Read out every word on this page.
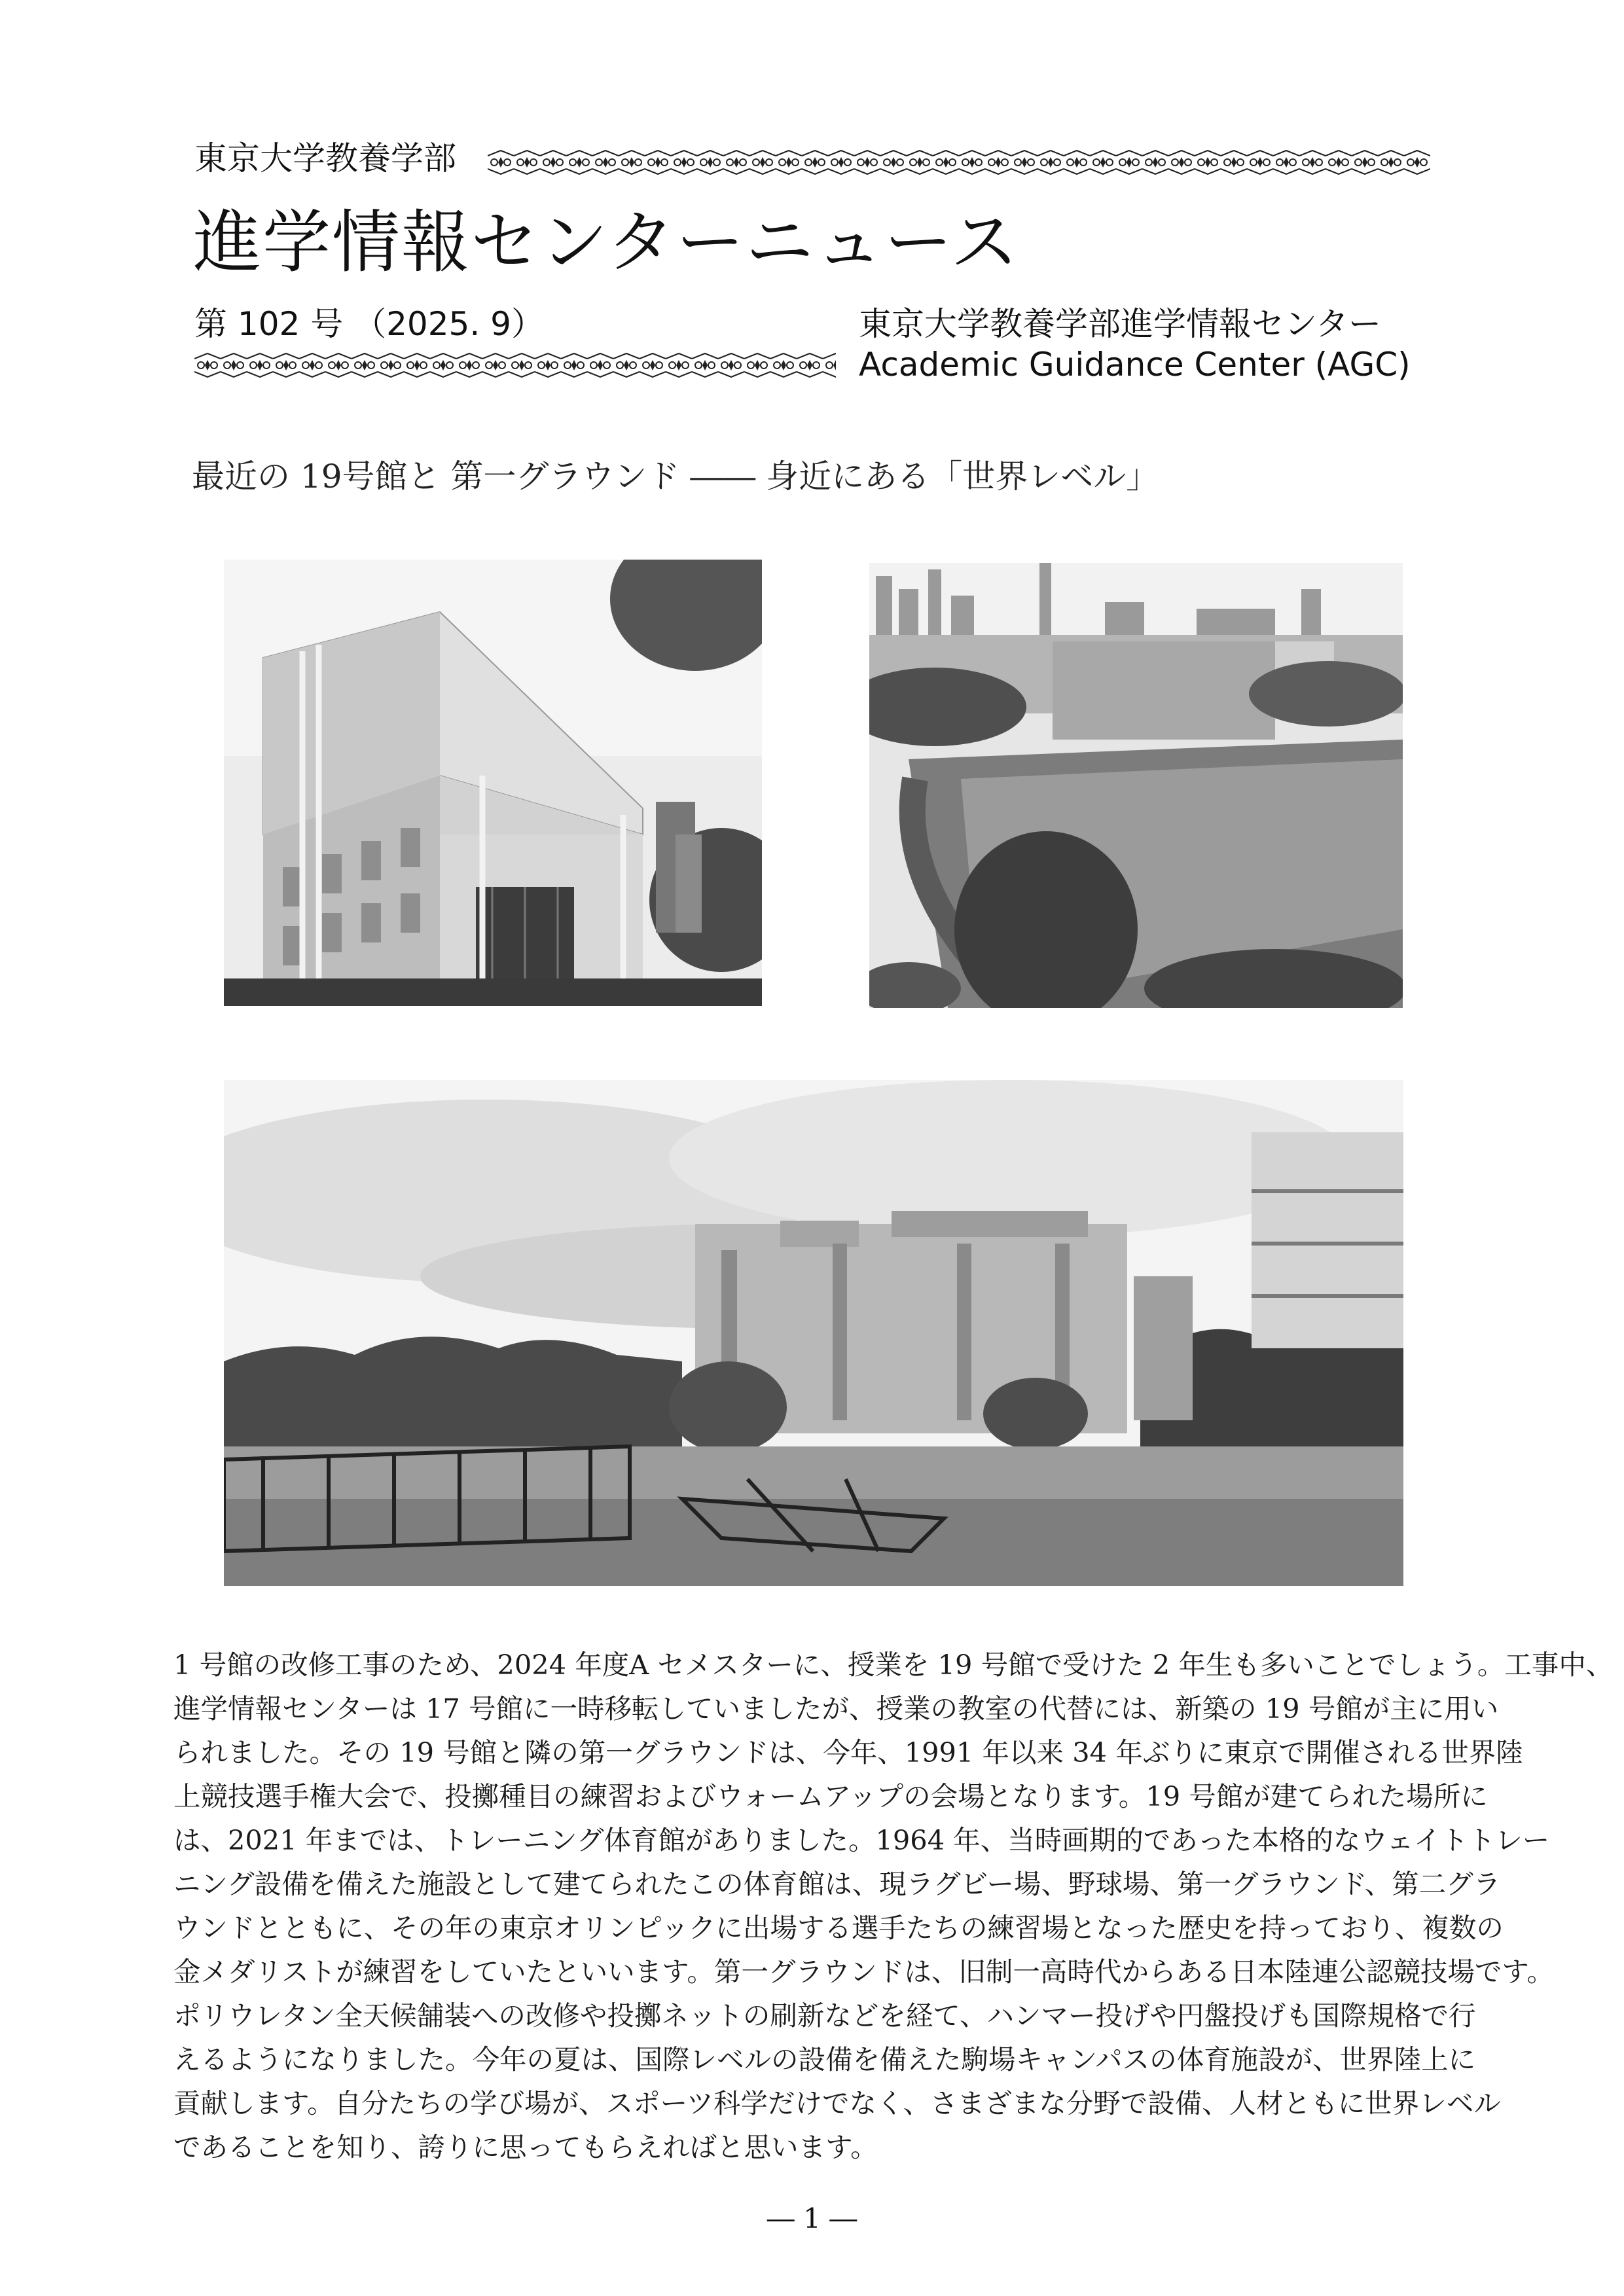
東京大学教養学部
進学情報センターニュース
第 102 号 （2025. 9）	東京大学教養学部進学情報センター
Academic Guidance Center (AGC)
最近の 19号館と 第一グラウンド ―― 身近にある「世界レベル」

1 号館の改修工事のため、2024 年度A セメスターに、授業を 19 号館で受けた 2 年生も多いことでしょう。工事中、

進学情報センターは 17 号館に一時移転していましたが、授業の教室の代替には、新築の 19 号館が主に用い

られました。その 19 号館と隣の第一グラウンドは、今年、1991 年以来 34 年ぶりに東京で開催される世界陸

上競技選手権大会で、投擲種目の練習およびウォームアップの会場となります。19 号館が建てられた場所に

は、2021 年までは、トレーニング体育館がありました。1964 年、当時画期的であった本格的なウェイトトレー

ニング設備を備えた施設として建てられたこの体育館は、現ラグビー場、野球場、第一グラウンド、第二グラ

ウンドとともに、その年の東京オリンピックに出場する選手たちの練習場となった歴史を持っており、複数の

金メダリストが練習をしていたといいます。第一グラウンドは、旧制一高時代からある日本陸連公認競技場です。

ポリウレタン全天候舗装への改修や投擲ネットの刷新などを経て、ハンマー投げや円盤投げも国際規格で行

えるようになりました。今年の夏は、国際レベルの設備を備えた駒場キャンパスの体育施設が、世界陸上に

貢献します。自分たちの学び場が、スポーツ科学だけでなく、さまざまな分野で設備、人材ともに世界レベル

であることを知り、誇りに思ってもらえればと思います。

― 1 ―
